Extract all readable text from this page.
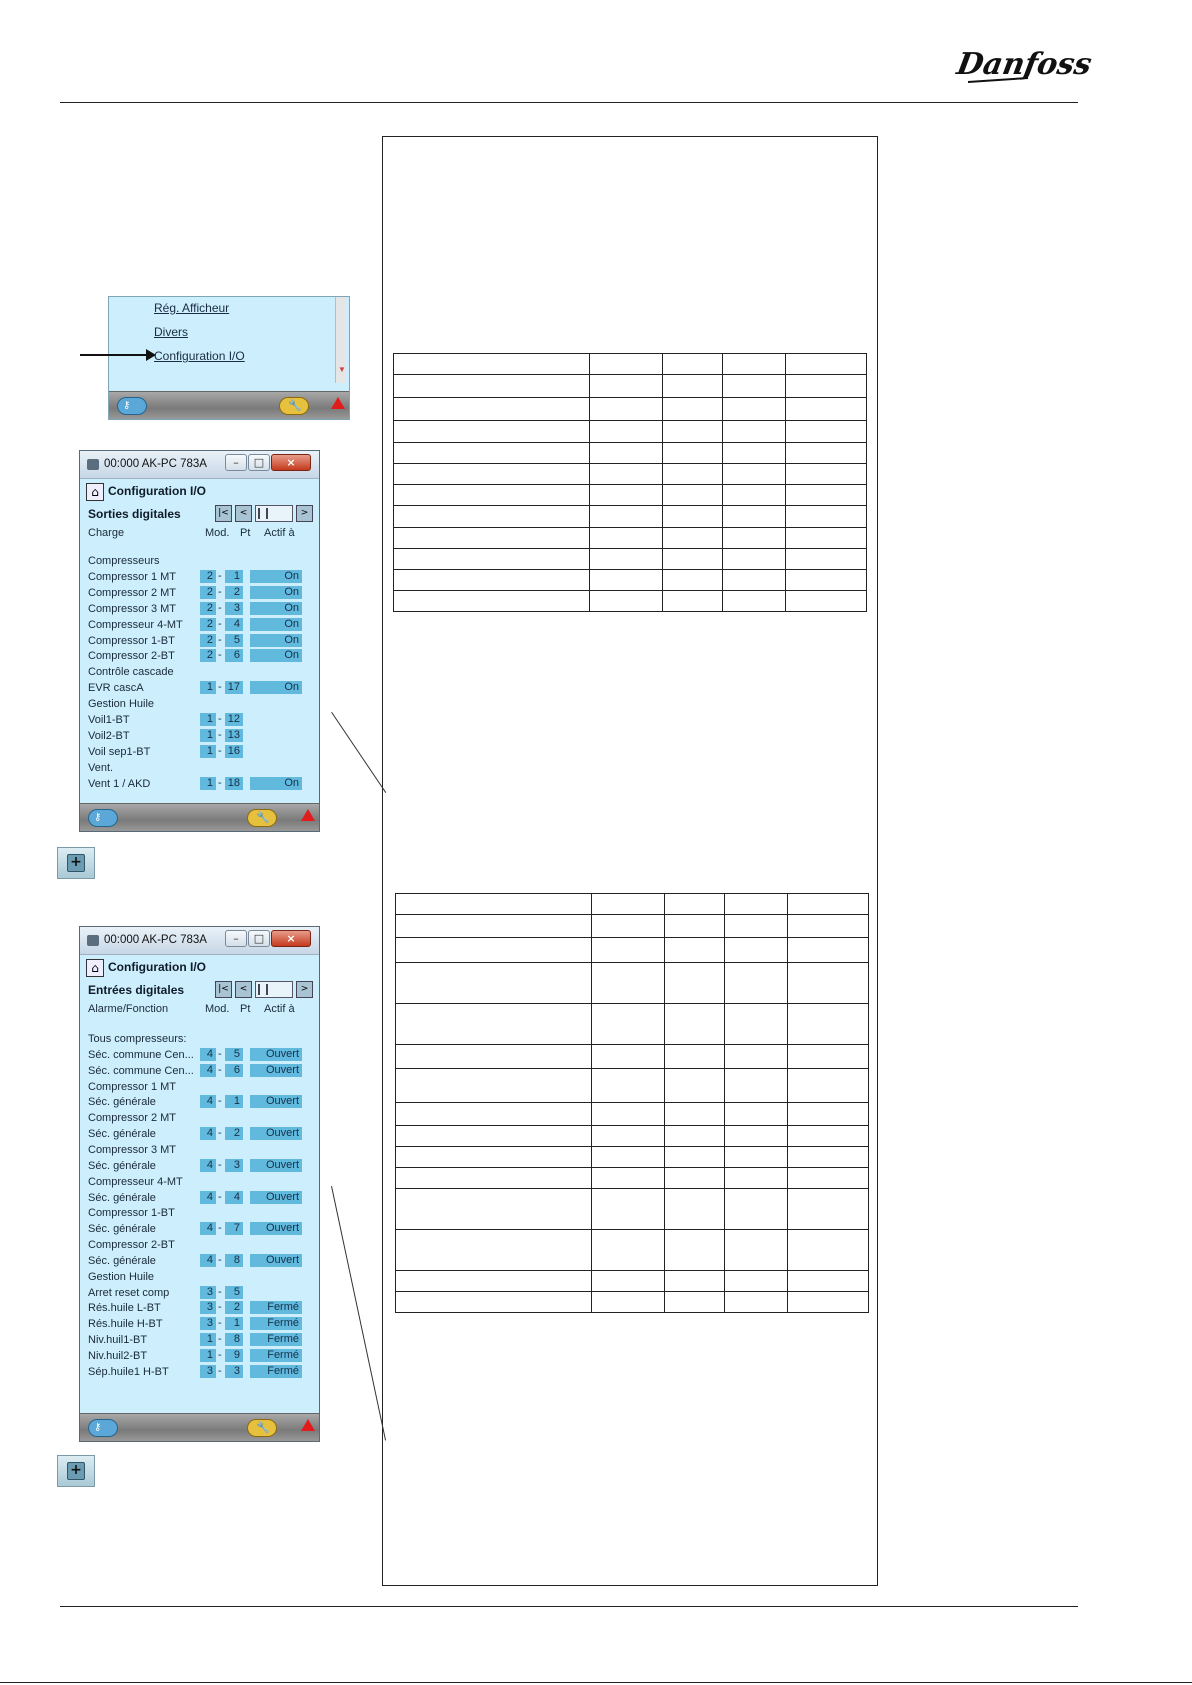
Danfoss
Rég. Afficheur
Divers
Configuration I/O
▼
⚷	🔧
00:000 AK-PC 783A	–	□	×
⌂ Configuration I/O
Sorties digitales	|<	<	>
Charge	Mod. Pt Actif à
Compresseurs
Compressor 1 MT	2 -	1	On
Compressor 2 MT	2 -	2	On
Compressor 3 MT	2 -	3	On
Compresseur 4-MT	2 -	4	On
Compressor 1-BT	2 -	5	On
Compressor 2-BT	2 -	6	On
Contrôle cascade
EVR cascA	1 - 17	On
Gestion Huile
Voil1-BT	1 - 12
Voil2-BT	1 - 13
Voil sep1-BT	1 - 16
Vent.
Vent 1 / AKD	1 - 18	On
⚷	🔧
+
00:000 AK-PC 783A	–	□	×
⌂ Configuration I/O
Entrées digitales	|<	<	>
Alarme/Fonction	Mod. Pt Actif à
Tous compresseurs:
Séc. commune Cen...	4 -	5	Ouvert
Séc. commune Cen...	4 -	6	Ouvert
Compressor 1 MT
Séc. générale	4 -	1	Ouvert
Compressor 2 MT
Séc. générale	4 -	2	Ouvert
Compressor 3 MT
Séc. générale	4 -	3	Ouvert
Compresseur 4-MT
Séc. générale	4 -	4	Ouvert
Compressor 1-BT
Séc. générale	4 -	7	Ouvert
Compressor 2-BT
Séc. générale	4 -	8	Ouvert
Gestion Huile
Arret reset comp	3 -	5
Rés.huile L-BT	3 -	2	Fermé
Rés.huile H-BT	3 -	1	Fermé
Niv.huil1-BT	1 -	8	Fermé
Niv.huil2-BT	1 -	9	Fermé
Sép.huile1 H-BT	3 -	3	Fermé
⚷	🔧
+
